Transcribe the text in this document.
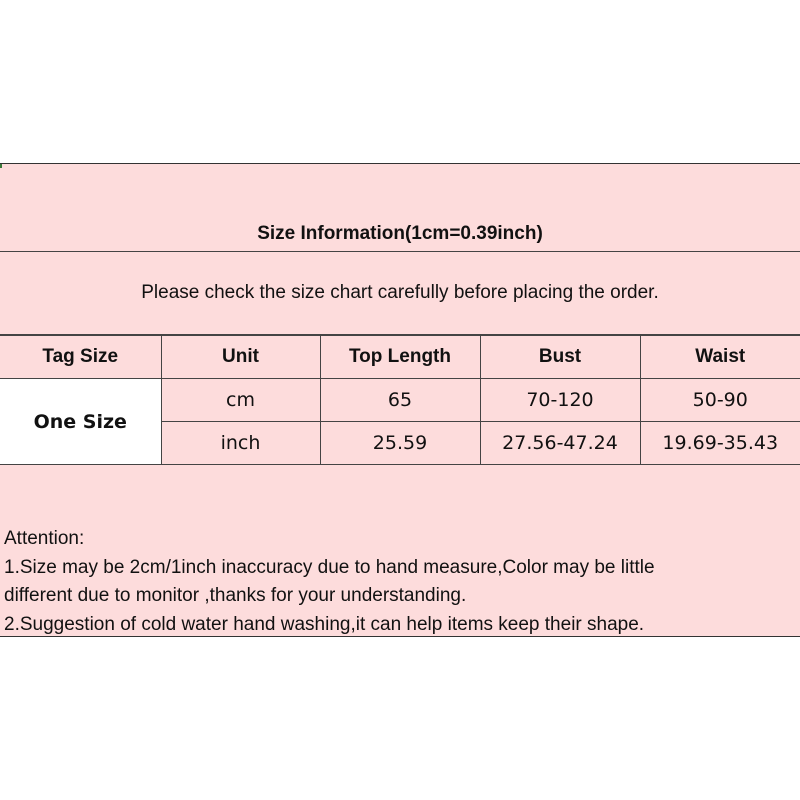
Size Information(1cm=0.39inch)
Please check the size chart carefully before placing the order.
Tag Size	Unit	Top Length	Bust	Waist
One Size	cm	65	70-120	50-90
	inch	25.59	27.56-47.24	19.69-35.43
Attention:
1.Size may be 2cm/1inch inaccuracy due to hand measure,Color may be little
different due to monitor ,thanks for your understanding.
2.Suggestion of cold water hand washing,it can help items keep their shape.
